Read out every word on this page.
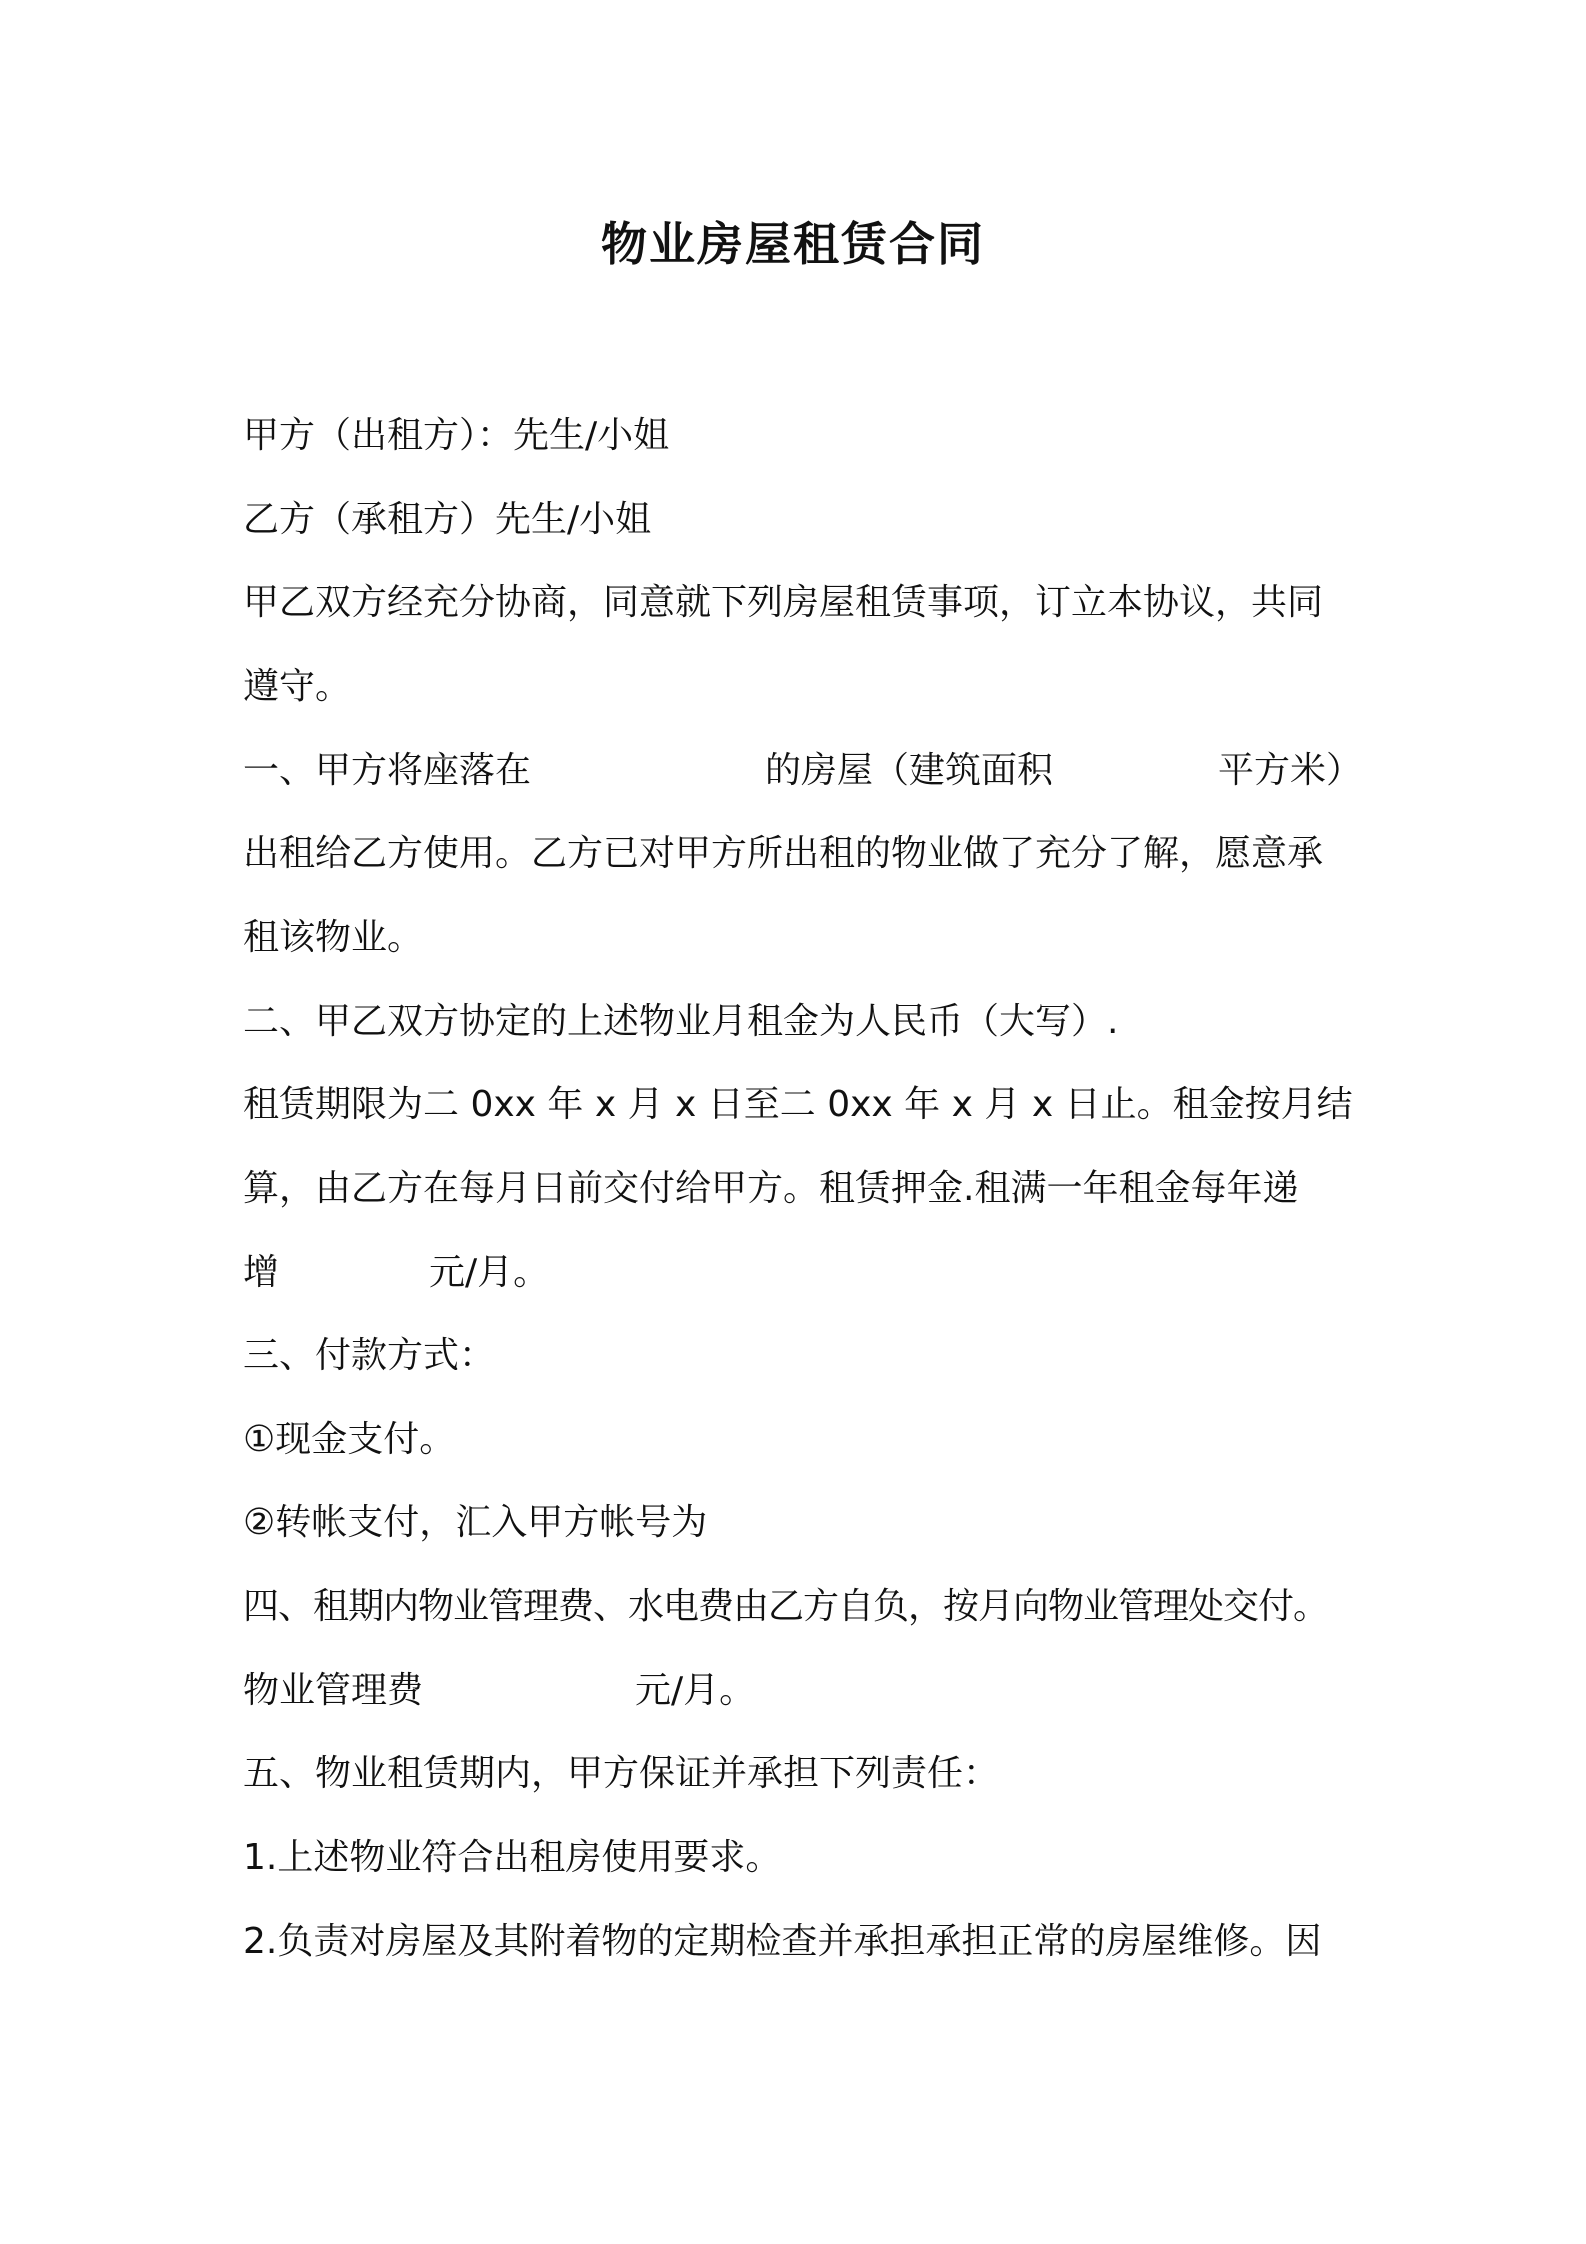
物业房屋租赁合同
甲方（出租方）：先生/小姐
乙方（承租方）先生/小姐
甲乙双方经充分协商，同意就下列房屋租赁事项，订立本协议，共同
遵守。

一、甲方将座落在

	的房屋（建筑面积

	平方米）

出租给乙方使用。乙方已对甲方所出租的物业做了充分了解，愿意承
租该物业。
二、甲乙双方协定的上述物业月租金为人民币（大写）.
租赁期限为二 0xx 年 x 月 x 日至二 0xx 年 x 月 x 日止。租金按月结
算，由乙方在每月日前交付给甲方。租赁押金.租满一年租金每年递

增

	元/月。

三、付款方式：
①现金支付。
②转帐支付，汇入甲方帐号为
四、租期内物业管理费、水电费由乙方自负，按月向物业管理处交付。

物业管理费

	元/月。

五、物业租赁期内，甲方保证并承担下列责任：
1.上述物业符合出租房使用要求。
2.负责对房屋及其附着物的定期检查并承担承担正常的房屋维修。因
